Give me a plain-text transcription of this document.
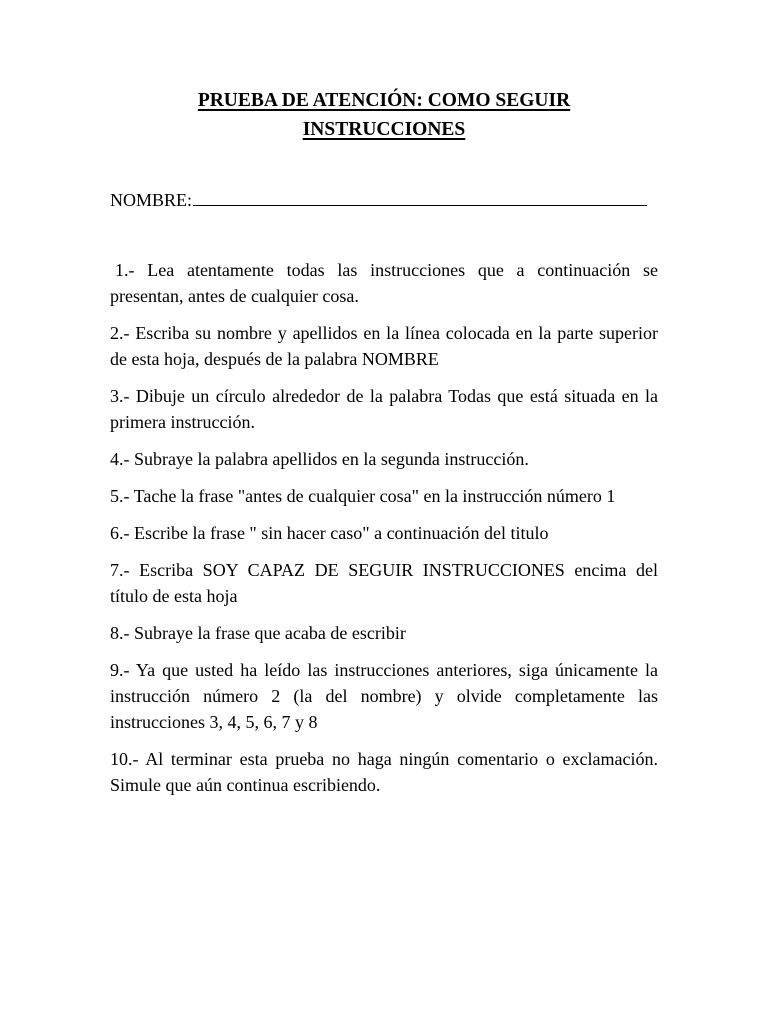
PRUEBA DE ATENCIÓN: COMO SEGUIR
INSTRUCCIONES
NOMBRE:

1.- Lea atentamente todas las instrucciones que a continuación se presentan, antes de cualquier cosa.

2.- Escriba su nombre y apellidos en la línea colocada en la parte superior de esta hoja, después de la palabra NOMBRE

3.- Dibuje un círculo alrededor de la palabra Todas que está situada en la primera instrucción.

4.- Subraye la palabra apellidos en la segunda instrucción.

5.- Tache la frase "antes de cualquier cosa" en la instrucción número 1

6.- Escribe la frase " sin hacer caso" a continuación del titulo

7.- Escriba SOY CAPAZ DE SEGUIR INSTRUCCIONES encima del título de esta hoja

8.- Subraye la frase que acaba de escribir

9.- Ya que usted ha leído las instrucciones anteriores, siga únicamente la instrucción número 2 (la del nombre) y olvide completamente las instrucciones 3, 4, 5, 6, 7 y 8

10.- Al terminar esta prueba no haga ningún comentario o exclamación. Simule que aún continua escribiendo.
